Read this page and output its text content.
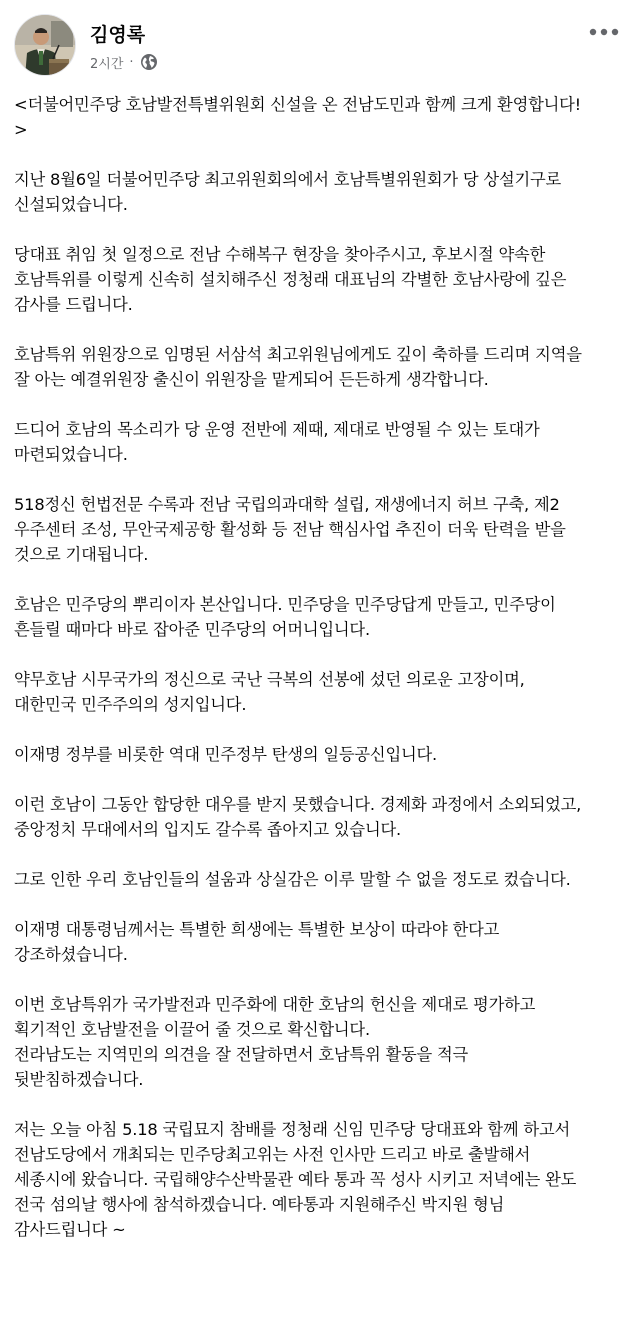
김영록
2시간 ·

<더불어민주당 호남발전특별위원회 신설을 온 전남도민과 함께 크게 환영합니다!
>

지난 8월6일 더불어민주당 최고위원회의에서 호남특별위원회가 당 상설기구로
신설되었습니다.

당대표 취임 첫 일정으로 전남 수해복구 현장을 찾아주시고, 후보시절 약속한
호남특위를 이렇게 신속히 설치해주신 정청래 대표님의 각별한 호남사랑에 깊은
감사를 드립니다.

호남특위 위원장으로 임명된 서삼석 최고위원님에게도 깊이 축하를 드리며 지역을
잘 아는 예결위원장 출신이 위원장을 맡게되어 든든하게 생각합니다.

드디어 호남의 목소리가 당 운영 전반에 제때, 제대로 반영될 수 있는 토대가
마련되었습니다.

518정신 헌법전문 수록과 전남 국립의과대학 설립, 재생에너지 허브 구축, 제2
우주센터 조성, 무안국제공항 활성화 등 전남 핵심사업 추진이 더욱 탄력을 받을
것으로 기대됩니다.

호남은 민주당의 뿌리이자 본산입니다. 민주당을 민주당답게 만들고, 민주당이
흔들릴 때마다 바로 잡아준 민주당의 어머니입니다.

약무호남 시무국가의 정신으로 국난 극복의 선봉에 섰던 의로운 고장이며,
대한민국 민주주의의 성지입니다.

이재명 정부를 비롯한 역대 민주정부 탄생의 일등공신입니다.

이런 호남이 그동안 합당한 대우를 받지 못했습니다. 경제화 과정에서 소외되었고,
중앙정치 무대에서의 입지도 갈수록 좁아지고 있습니다.

그로 인한 우리 호남인들의 설움과 상실감은 이루 말할 수 없을 정도로 컸습니다.

이재명 대통령님께서는 특별한 희생에는 특별한 보상이 따라야 한다고
강조하셨습니다.

이번 호남특위가 국가발전과 민주화에 대한 호남의 헌신을 제대로 평가하고
획기적인 호남발전을 이끌어 줄 것으로 확신합니다.
전라남도는 지역민의 의견을 잘 전달하면서 호남특위 활동을 적극
뒷받침하겠습니다.

저는 오늘 아침 5.18 국립묘지 참배를 정청래 신임 민주당 당대표와 함께 하고서
전남도당에서 개최되는 민주당최고위는 사전 인사만 드리고 바로 출발해서
세종시에 왔습니다. 국립해양수산박물관 예타 통과 꼭 성사 시키고 저녁에는 완도
전국 섬의날 행사에 참석하겠습니다. 예타통과 지원해주신 박지원 형님
감사드립니다 ~
